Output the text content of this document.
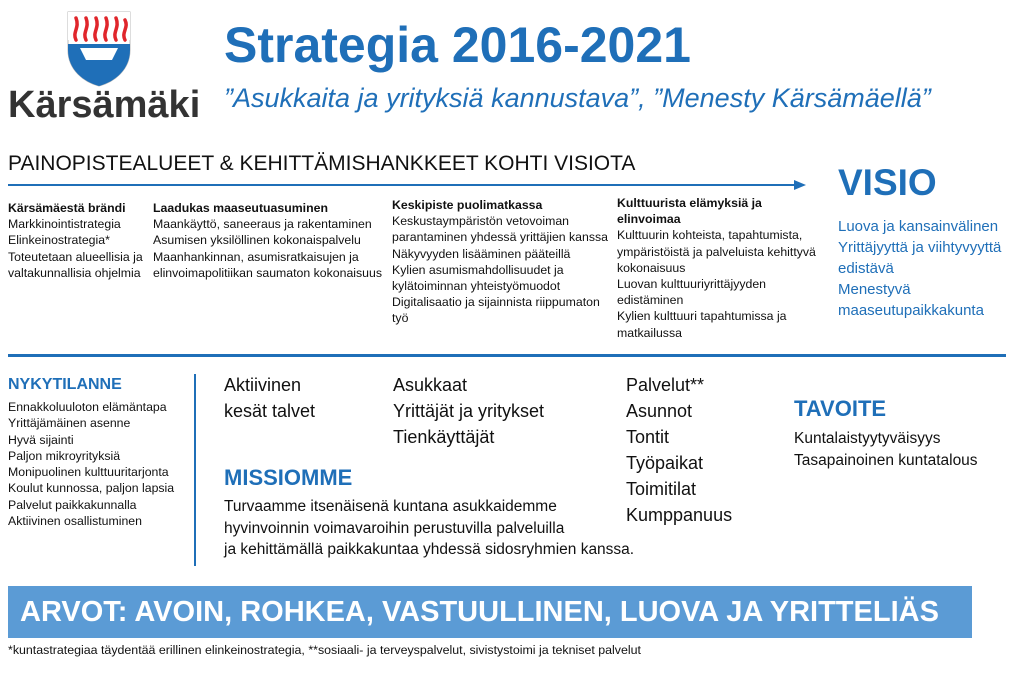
Kärsämäki
Strategia 2016-2021
”Asukkaita ja yrityksiä kannustava”, ”Menesty Kärsämäellä”
PAINOPISTEALUEET & KEHITTÄMISHANKKEET KOHTI VISIOTA
Kärsämäestä brändi
Markkinointistrategia
Elinkeinostrategia*
Toteutetaan alueellisia ja
valtakunnallisia ohjelmia
Laadukas maaseutuasuminen
Maankäyttö, saneeraus ja rakentaminen
Asumisen yksilöllinen kokonaispalvelu
Maanhankinnan, asumisratkaisujen ja
elinvoimapolitiikan saumaton kokonaisuus
Keskipiste puolimatkassa
Keskustaympäristön vetovoiman
parantaminen yhdessä yrittäjien kanssa
Näkyvyyden lisääminen pääteillä
Kylien asumismahdollisuudet ja
kylätoiminnan yhteistyömuodot
Digitalisaatio ja sijainnista riippumaton
työ
Kulttuurista elämyksiä ja
elinvoimaa
Kulttuurin kohteista, tapahtumista,
ympäristöistä ja palveluista kehittyvä
kokonaisuus
Luovan kulttuuriyrittäjyyden
edistäminen
Kylien kulttuuri tapahtumissa ja
matkailussa
VISIO
Luova ja kansainvälinen
Yrittäjyyttä ja viihtyvyyttä
edistävä
Menestyvä
maaseutupaikkakunta
NYKYTILANNE
Ennakkoluuloton elämäntapa
Yrittäjämäinen asenne
Hyvä sijainti
Paljon mikroyrityksiä
Monipuolinen kulttuuritarjonta
Koulut kunnossa, paljon lapsia
Palvelut paikkakunnalla
Aktiivinen osallistuminen
Aktiivinen
kesät talvet
Asukkaat
Yrittäjät ja yritykset
Tienkäyttäjät
Palvelut**
Asunnot
Tontit
Työpaikat
Toimitilat
Kumppanuus
MISSIOMME
Turvaamme itsenäisenä kuntana asukkaidemme
hyvinvoinnin voimavaroihin perustuvilla palveluilla
ja kehittämällä paikkakuntaa yhdessä sidosryhmien kanssa.
TAVOITE
Kuntalaistyytyväisyys
Tasapainoinen kuntatalous
ARVOT: AVOIN, ROHKEA, VASTUULLINEN, LUOVA JA YRITTELIÄS
*kuntastrategiaa täydentää erillinen elinkeinostrategia, **sosiaali- ja terveyspalvelut, sivistystoimi ja tekniset palvelut
